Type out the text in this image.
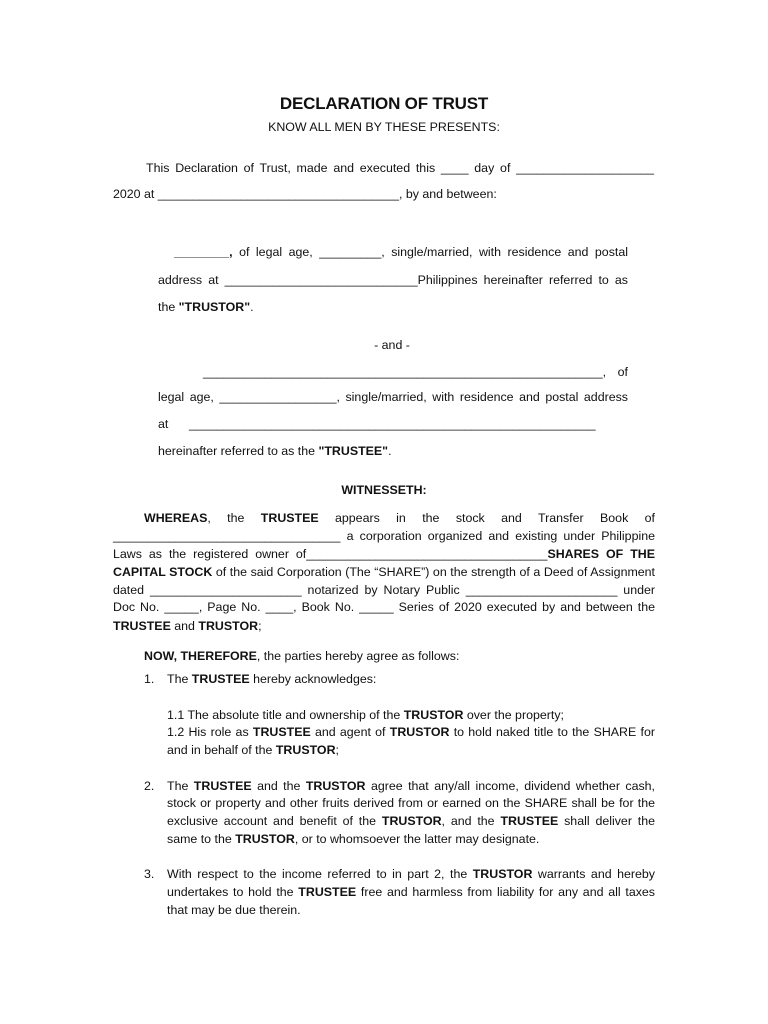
DECLARATION OF TRUST
KNOW ALL MEN BY THESE PRESENTS:
This Declaration of Trust, made and executed this ____ day of ____________________
2020 at ___________________________________, by and between:
________, of legal age, _________, single/married, with residence and postal
address at ____________________________Philippines hereinafter referred to as
the "TRUSTOR".
- and -
__________________________________________________________, of
legal age, _________________, single/married, with residence and postal address
at      ___________________________________________________________
hereinafter referred to as the "TRUSTEE".
WITNESSETH:
WHEREAS, the TRUSTEE appears in the stock and Transfer Book of
_________________________________ a corporation organized and existing under Philippine
Laws as the registered owner of___________________________________SHARES OF THE
CAPITAL STOCK of the said Corporation (The “SHARE”) on the strength of a Deed of Assignment
dated ______________________ notarized by Notary Public ______________________ under
Doc No. _____, Page No. ____, Book No. _____ Series of 2020 executed by and between the
TRUSTEE and TRUSTOR;
NOW, THEREFORE, the parties hereby agree as follows:
1. The TRUSTEE hereby acknowledges:
1.1 The absolute title and ownership of the TRUSTOR over the property;
1.2 His role as TRUSTEE and agent of TRUSTOR to hold naked title to the SHARE for
and in behalf of the TRUSTOR;
2. The TRUSTEE and the TRUSTOR agree that any/all income, dividend whether cash,
stock or property and other fruits derived from or earned on the SHARE shall be for the
exclusive account and benefit of the TRUSTOR, and the TRUSTEE shall deliver the
same to the TRUSTOR, or to whomsoever the latter may designate.
3. With respect to the income referred to in part 2, the TRUSTOR warrants and hereby
undertakes to hold the TRUSTEE free and harmless from liability for any and all taxes
that may be due therein.
